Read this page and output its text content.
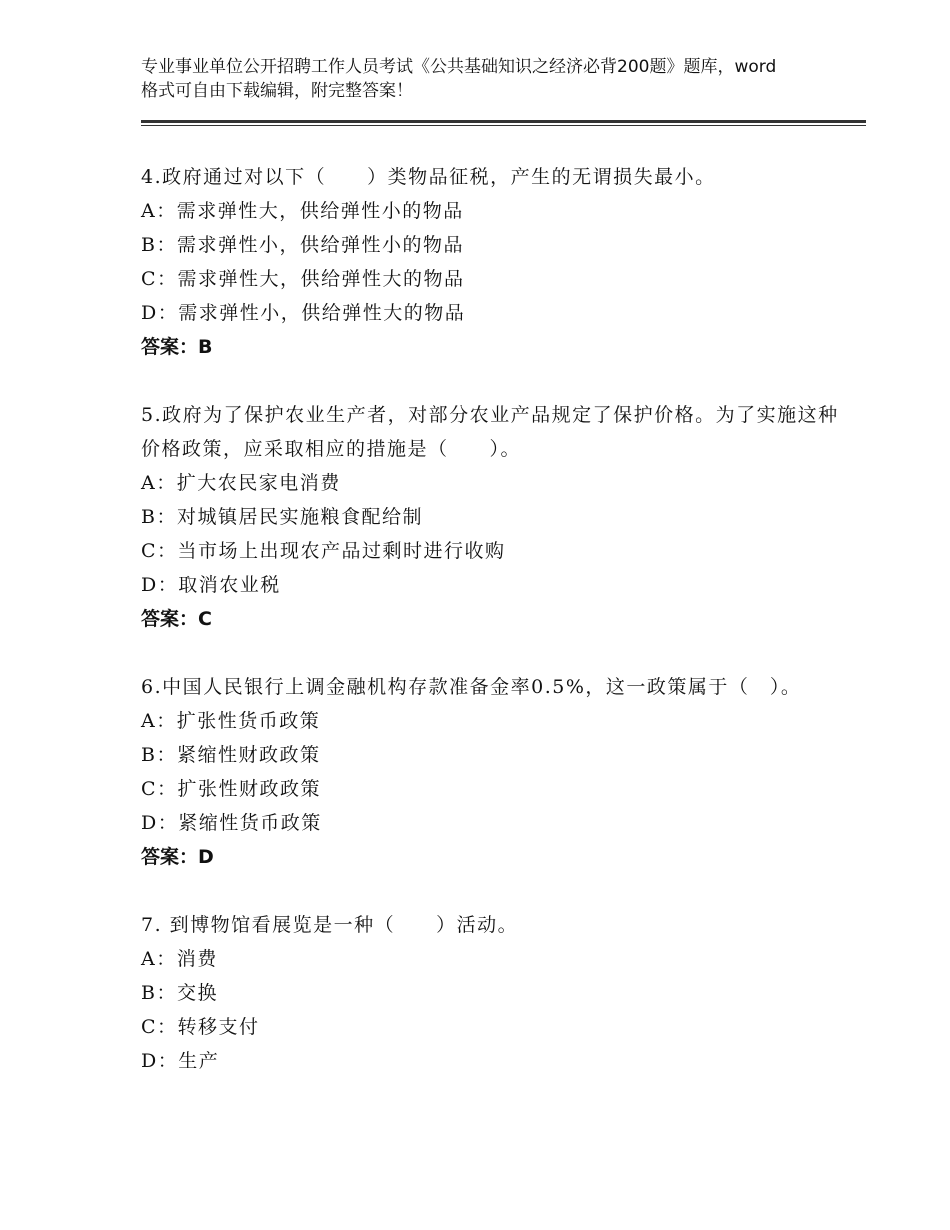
专业事业单位公开招聘工作人员考试《公共基础知识之经济必背200题》题库，word格式可自由下载编辑，附完整答案！

4.政府通过对以下（　　）类物品征税，产生的无谓损失最小。

A：需求弹性大，供给弹性小的物品

B：需求弹性小，供给弹性小的物品

C：需求弹性大，供给弹性大的物品

D：需求弹性小，供给弹性大的物品

答案：B

5.政府为了保护农业生产者，对部分农业产品规定了保护价格。为了实施这种价格政策，应采取相应的措施是（　　）。

A：扩大农民家电消费

B：对城镇居民实施粮食配给制

C：当市场上出现农产品过剩时进行收购

D：取消农业税

答案：C

6.中国人民银行上调金融机构存款准备金率0.5%，这一政策属于（　）。

A：扩张性货币政策

B：紧缩性财政政策

C：扩张性财政政策

D：紧缩性货币政策

答案：D

7. 到博物馆看展览是一种（　　）活动。

A：消费

B：交换

C：转移支付

D：生产
